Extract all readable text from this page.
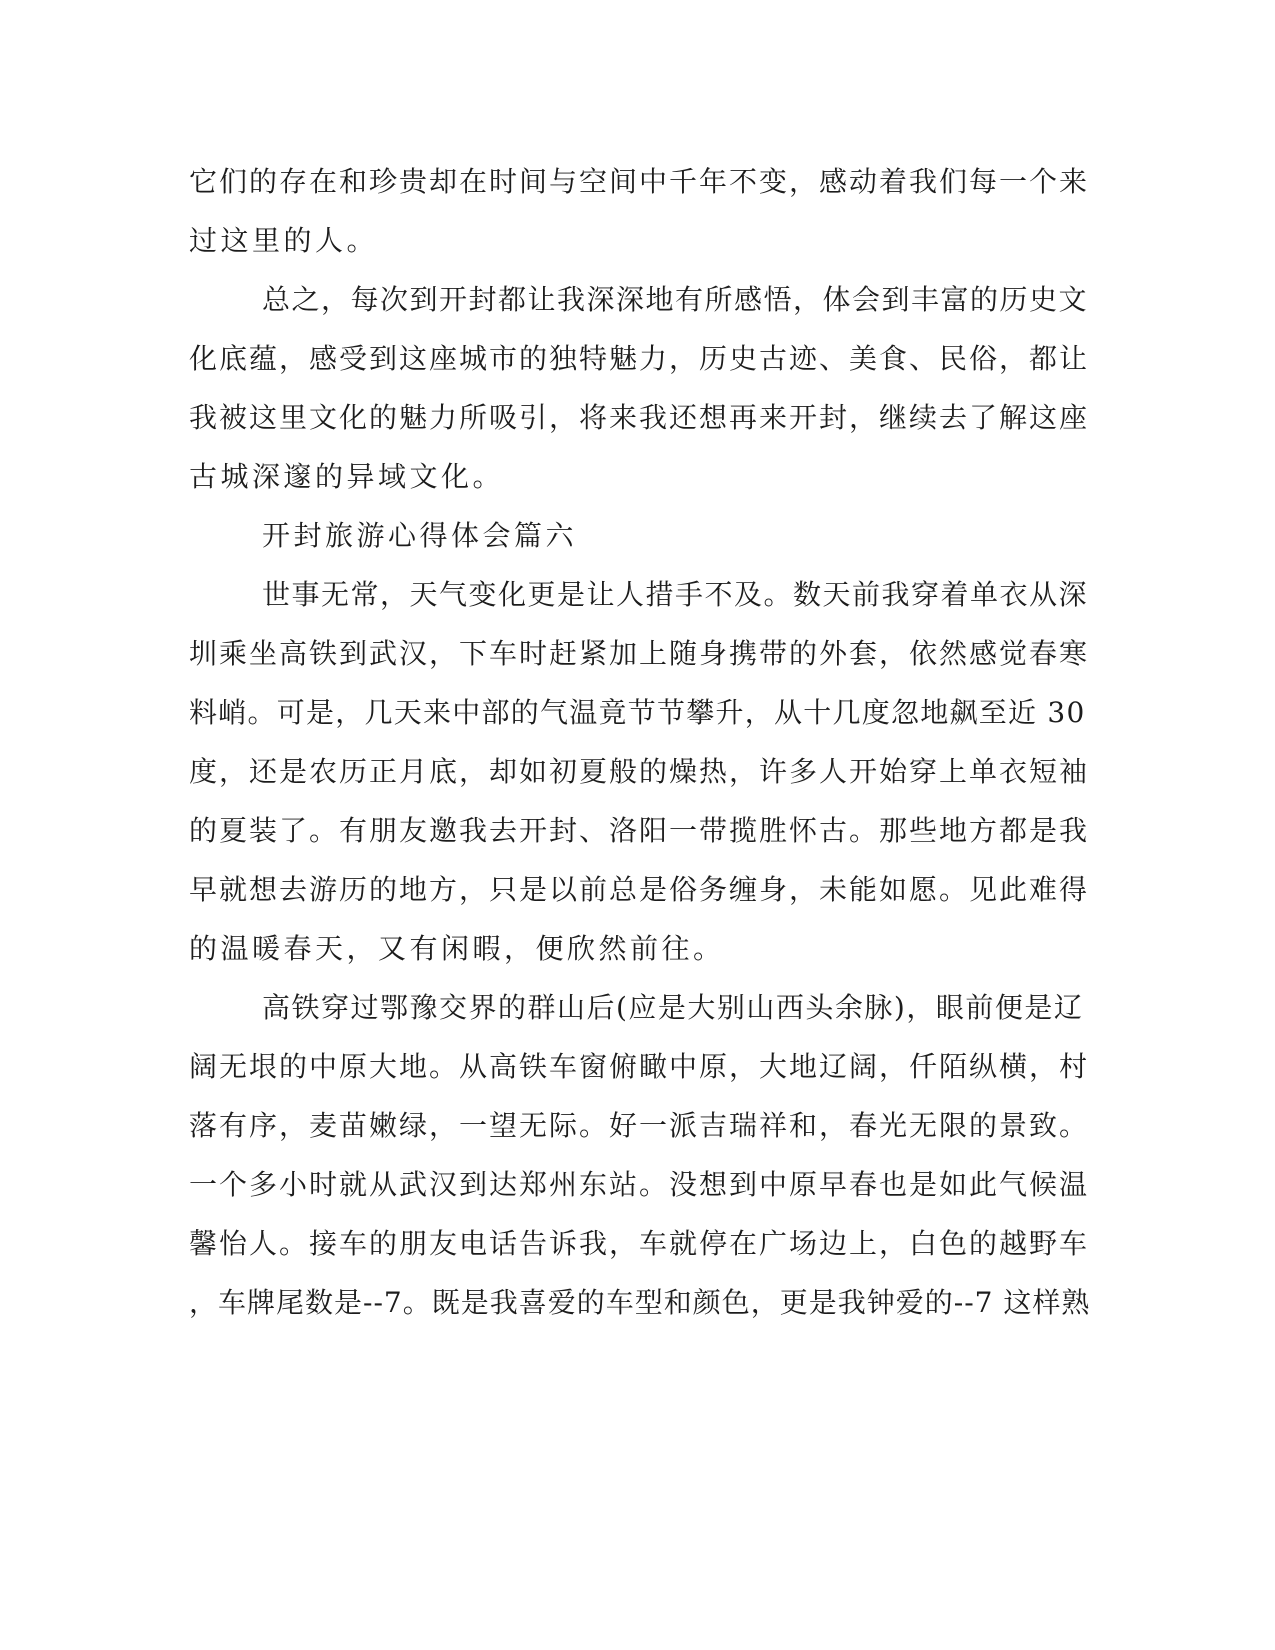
它们的存在和珍贵却在时间与空间中千年不变，感动着我们每一个来
过这里的人。
总之，每次到开封都让我深深地有所感悟，体会到丰富的历史文
化底蕴，感受到这座城市的独特魅力，历史古迹、美食、民俗，都让
我被这里文化的魅力所吸引，将来我还想再来开封，继续去了解这座
古城深邃的异域文化。
开封旅游心得体会篇六
世事无常，天气变化更是让人措手不及。数天前我穿着单衣从深
圳乘坐高铁到武汉，下车时赶紧加上随身携带的外套，依然感觉春寒
料峭。可是，几天来中部的气温竟节节攀升，从十几度忽地飙至近 30
度，还是农历正月底，却如初夏般的燥热，许多人开始穿上单衣短袖
的夏装了。有朋友邀我去开封、洛阳一带揽胜怀古。那些地方都是我
早就想去游历的地方，只是以前总是俗务缠身，未能如愿。见此难得
的温暖春天，又有闲暇，便欣然前往。
高铁穿过鄂豫交界的群山后(应是大别山西头余脉)，眼前便是辽
阔无垠的中原大地。从高铁车窗俯瞰中原，大地辽阔，仟陌纵横，村
落有序，麦苗嫩绿，一望无际。好一派吉瑞祥和，春光无限的景致。
一个多小时就从武汉到达郑州东站。没想到中原早春也是如此气候温
馨怡人。接车的朋友电话告诉我，车就停在广场边上，白色的越野车
，车牌尾数是--7。既是我喜爱的车型和颜色，更是我钟爱的--7 这样熟
